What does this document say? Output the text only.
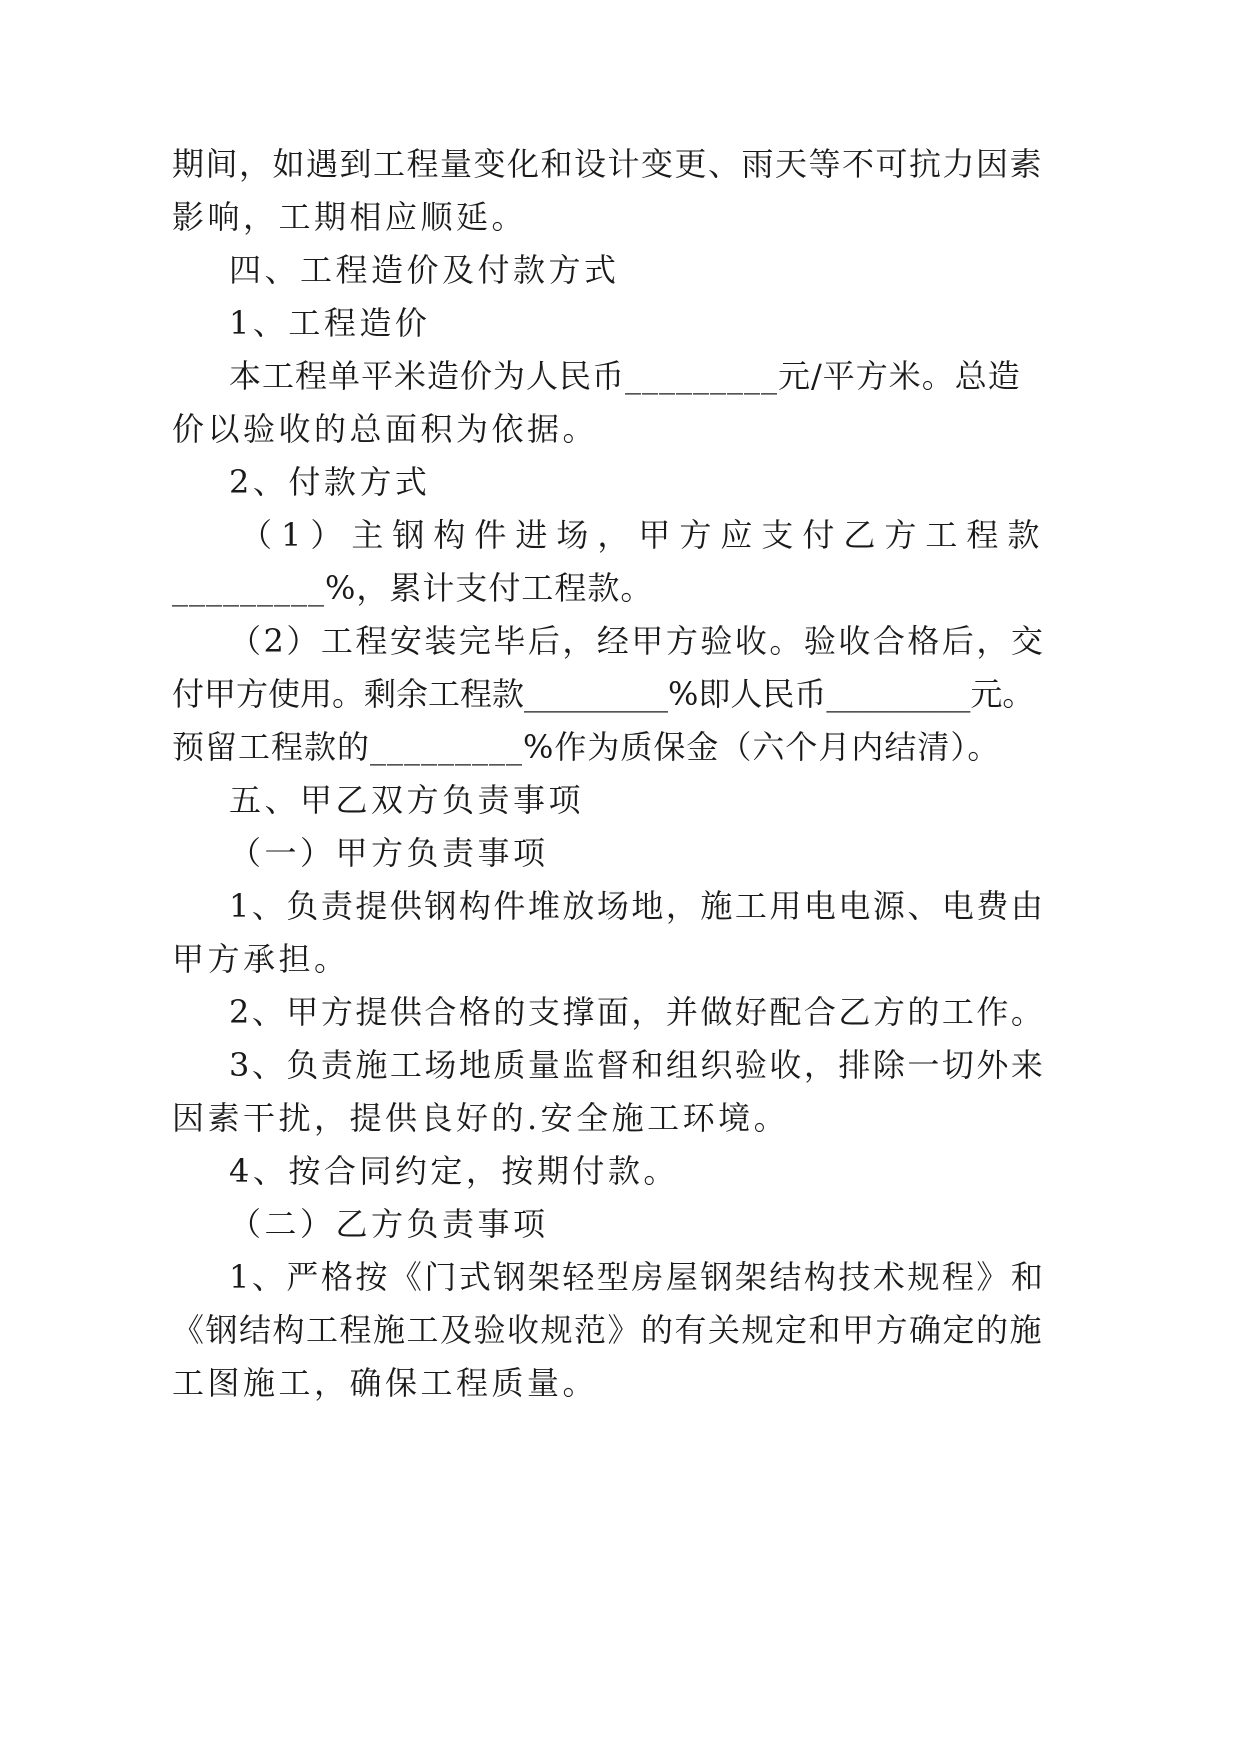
期间，如遇到工程量变化和设计变更、雨天等不可抗力因素
影响，工期相应顺延。
四、工程造价及付款方式
1、工程造价
本工程单平米造价为人民币_________元/平方米。总造
价以验收的总面积为依据。
2、付款方式
（1）主钢构件进场，甲方应支付乙方工程款
_________%，累计支付工程款。
（2）工程安装完毕后，经甲方验收。验收合格后，交
付甲方使用。剩余工程款_________%即人民币_________元。
预留工程款的_________%作为质保金（六个月内结清）。
五、甲乙双方负责事项
（一）甲方负责事项
1、负责提供钢构件堆放场地，施工用电电源、电费由
甲方承担。
2、甲方提供合格的支撑面，并做好配合乙方的工作。
3、负责施工场地质量监督和组织验收，排除一切外来
因素干扰，提供良好的.安全施工环境。
4、按合同约定，按期付款。
（二）乙方负责事项
1、严格按《门式钢架轻型房屋钢架结构技术规程》和
《钢结构工程施工及验收规范》的有关规定和甲方确定的施
工图施工，确保工程质量。
